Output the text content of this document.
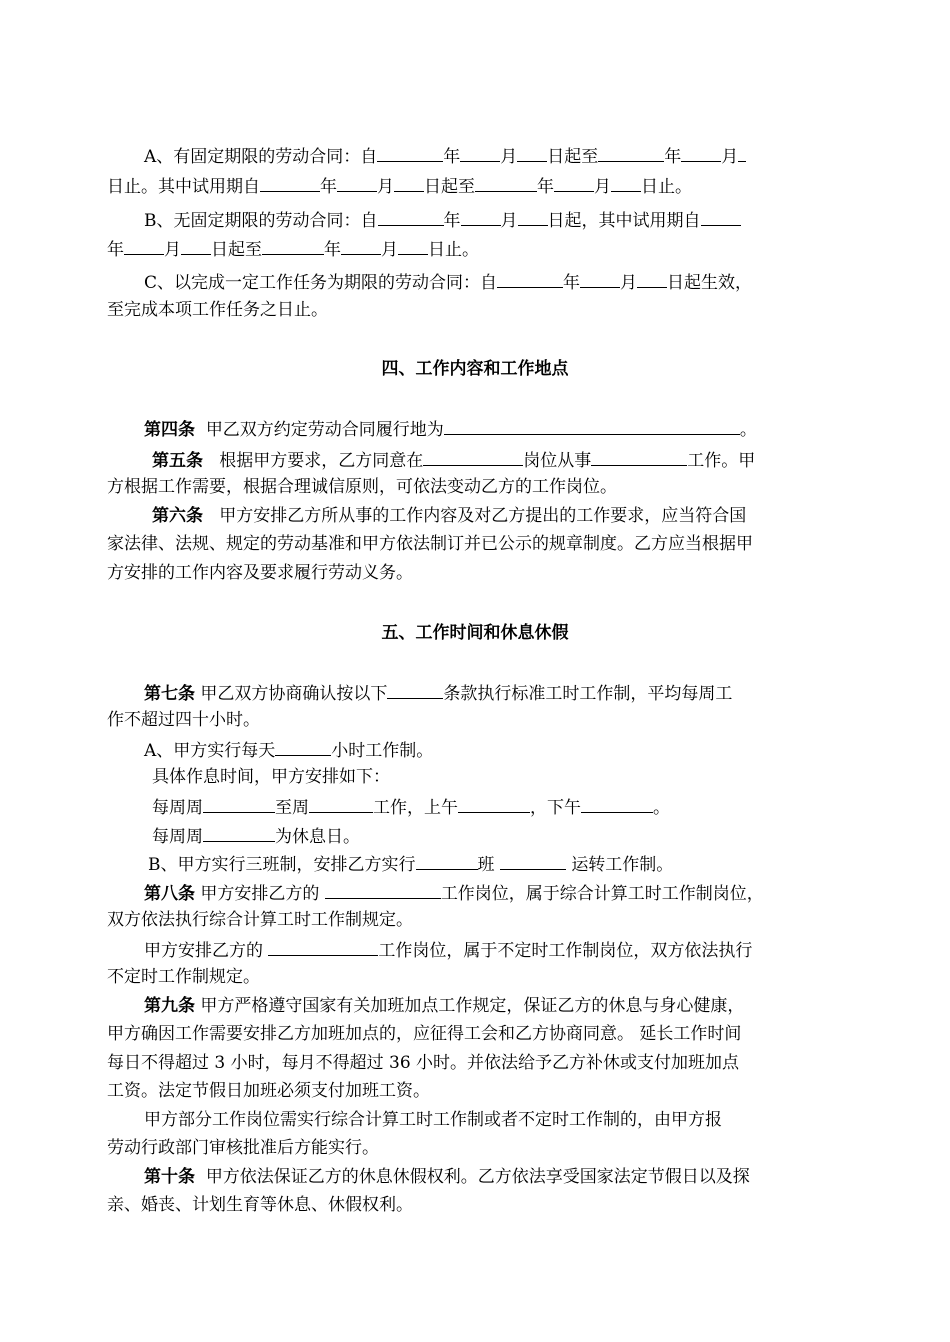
A、有固定期限的劳动合同：自	年 月 日起至	年 月
日止。其中试用期自	年 月 日起至	年 月 日止。
B、无固定期限的劳动合同：自	年 月 日起，其中试用期自
年 月 日起至	年 月 日止。
C、以完成一定工作任务为期限的劳动合同：自	年 月 日起生效，
至完成本项工作任务之日止。
四、工作内容和工作地点
第四条 甲乙双方约定劳动合同履行地为	。
第五条 根据甲方要求，乙方同意在	岗位从事	工作。甲
方根据工作需要，根据合理诚信原则，可依法变动乙方的工作岗位。
第六条 甲方安排乙方所从事的工作内容及对乙方提出的工作要求，应当符合国
家法律、法规、规定的劳动基准和甲方依法制订并已公示的规章制度。乙方应当根据甲
方安排的工作内容及要求履行劳动义务。
五、工作时间和休息休假
第七条 甲乙双方协商确认按以下	条款执行标准工时工作制，平均每周工
作不超过四十小时。
A、甲方实行每天	小时工作制。
具体作息时间，甲方安排如下：
每周周	至周	工作，上午	，下午	。
每周周	为休息日。
B、甲方实行三班制，安排乙方实行	班	运转工作制。
第八条 甲方安排乙方的	工作岗位，属于综合计算工时工作制岗位，
双方依法执行综合计算工时工作制规定。
甲方安排乙方的	工作岗位，属于不定时工作制岗位，双方依法执行
不定时工作制规定。
第九条 甲方严格遵守国家有关加班加点工作规定，保证乙方的休息与身心健康，
甲方确因工作需要安排乙方加班加点的，应征得工会和乙方协商同意。 延长工作时间
每日不得超过 3 小时，每月不得超过 36 小时。并依法给予乙方补休或支付加班加点
工资。法定节假日加班必须支付加班工资。
甲方部分工作岗位需实行综合计算工时工作制或者不定时工作制的，由甲方报
劳动行政部门审核批准后方能实行。
第十条 甲方依法保证乙方的休息休假权利。乙方依法享受国家法定节假日以及探
亲、婚丧、计划生育等休息、休假权利。
